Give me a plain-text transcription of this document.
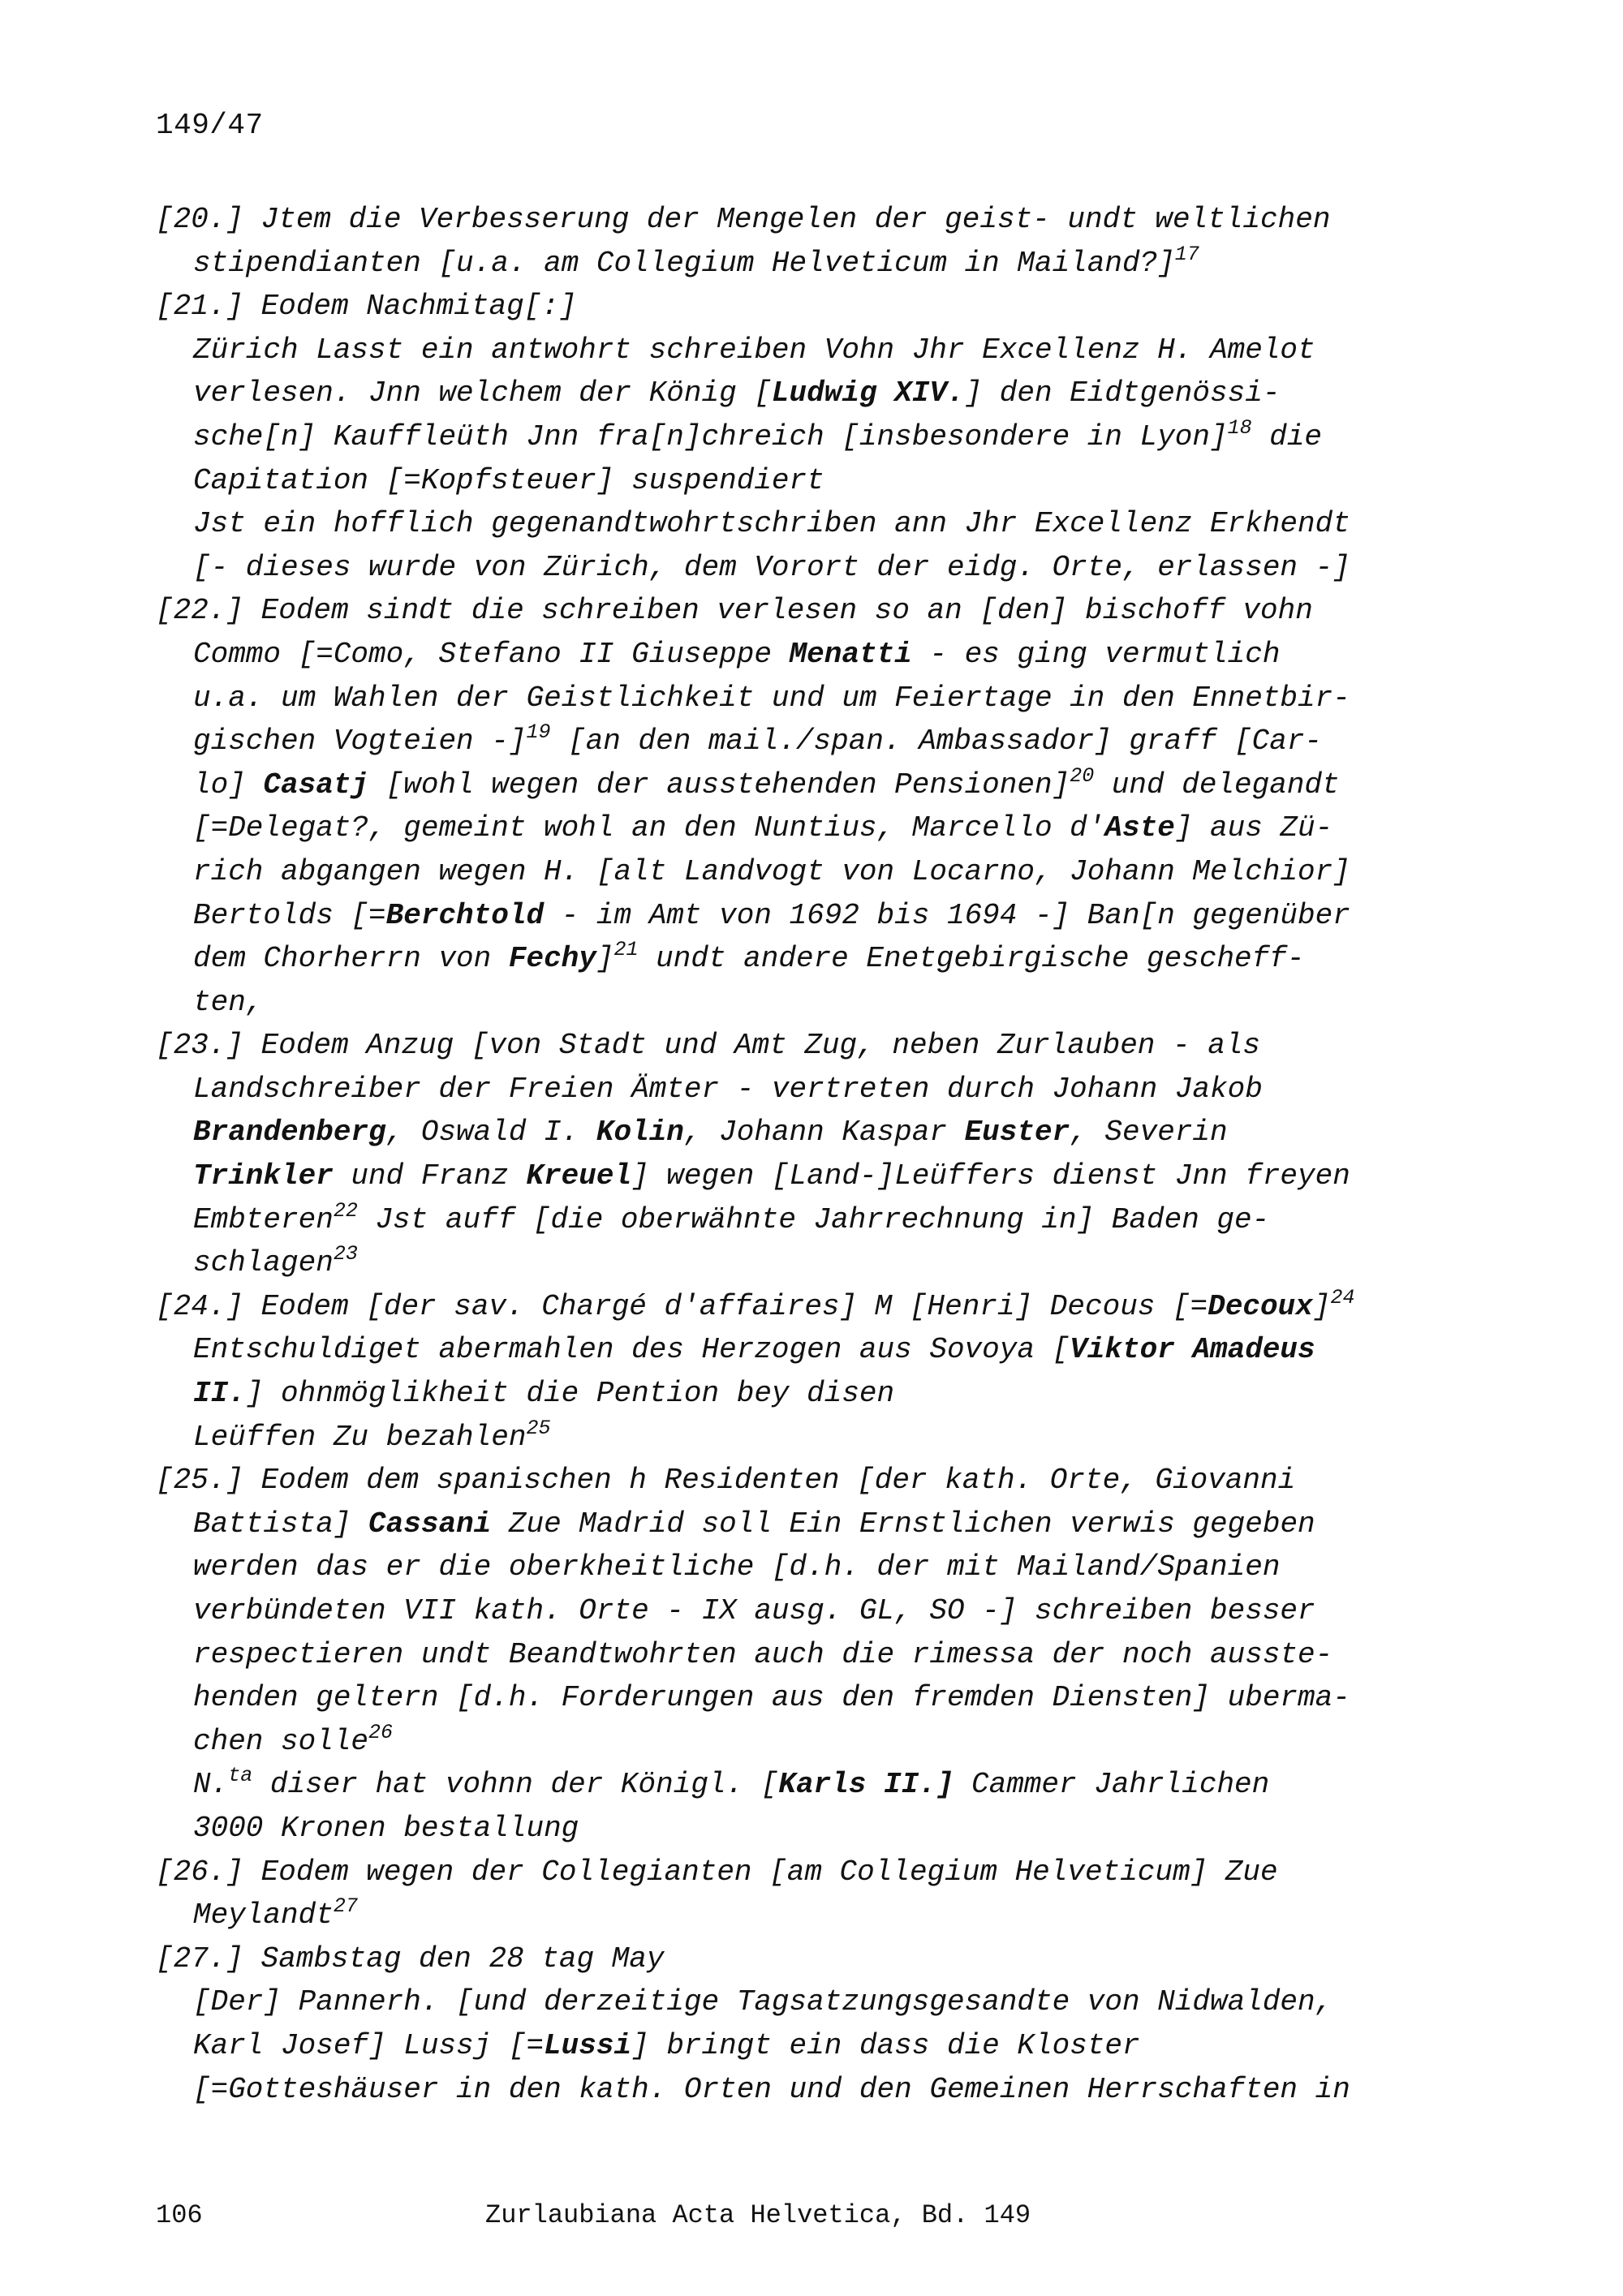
149/47
[20.] Jtem die Verbesserung der Mengelen der geist- undt weltlichen
stipendianten [u.a. am Collegium Helveticum in Mailand?]$^{17}$
[21.] Eodem Nachmitag[:]
Zürich Lasst ein antwohrt schreiben Vohn Jhr Excellenz H. Amelot
verlesen. Jnn welchem der König [Ludwig XIV.] den Eidtgenössi-
sche[n] Kauffleüth Jnn fra[n]chreich [insbesondere in Lyon]$^{18}$ die
Capitation [=Kopfsteuer] suspendiert
Jst ein hofflich gegenandtwohrtschriben ann Jhr Excellenz Erkhendt
[- dieses wurde von Zürich, dem Vorort der eidg. Orte, erlassen -]
[22.] Eodem sindt die schreiben verlesen so an [den] bischoff vohn
Commo [=Como, Stefano II Giuseppe Menatti - es ging vermutlich
u.a. um Wahlen der Geistlichkeit und um Feiertage in den Ennetbir-
gischen Vogteien -]$^{19}$ [an den mail./span. Ambassador] graff [Car-
lo] Casatj [wohl wegen der ausstehenden Pensionen]$^{20}$ und delegandt
[=Delegat?, gemeint wohl an den Nuntius, Marcello d'Aste] aus Zü-
rich abgangen wegen H. [alt Landvogt von Locarno, Johann Melchior]
Bertolds [=Berchtold - im Amt von 1692 bis 1694 -] Ban[n gegenüber
dem Chorherrn von Fechy]$^{21}$ undt andere Enetgebirgische gescheff-
ten,
[23.] Eodem Anzug [von Stadt und Amt Zug, neben Zurlauben - als
Landschreiber der Freien Ämter - vertreten durch Johann Jakob
Brandenberg, Oswald I. Kolin, Johann Kaspar Euster, Severin
Trinkler und Franz Kreuel] wegen [Land-]Leüffers dienst Jnn freyen
Embteren$^{22}$ Jst auff [die oberwähnte Jahrrechnung in] Baden ge-
schlagen$^{23}$
[24.] Eodem [der sav. Chargé d'affaires] M [Henri] Decous [=Decoux]$^{24}$
Entschuldiget abermahlen des Herzogen aus Sovoya [Viktor Amadeus
II.] ohnmöglikheit die Pention bey disen
Leüffen Zu bezahlen$^{25}$
[25.] Eodem dem spanischen h Residenten [der kath. Orte, Giovanni
Battista] Cassani Zue Madrid soll Ein Ernstlichen verwis gegeben
werden das er die oberkheitliche [d.h. der mit Mailand/Spanien
verbündeten VII kath. Orte - IX ausg. GL, SO -] schreiben besser
respectieren undt Beandtwohrten auch die rimessa der noch ausste-
henden geltern [d.h. Forderungen aus den fremden Diensten] uberma-
chen solle$^{26}$
N.$^{ta}$ diser hat vohnn der Königl. [Karls II.] Cammer Jahrlichen
3000 Kronen bestallung
[26.] Eodem wegen der Collegianten [am Collegium Helveticum] Zue
Meylandt$^{27}$
[27.] Sambstag den 28 tag May
[Der] Pannerh. [und derzeitige Tagsatzungsgesandte von Nidwalden,
Karl Josef] Lussj [=Lussi] bringt ein dass die Kloster
[=Gotteshäuser in den kath. Orten und den Gemeinen Herrschaften in
106	Zurlaubiana Acta Helvetica, Bd. 149
